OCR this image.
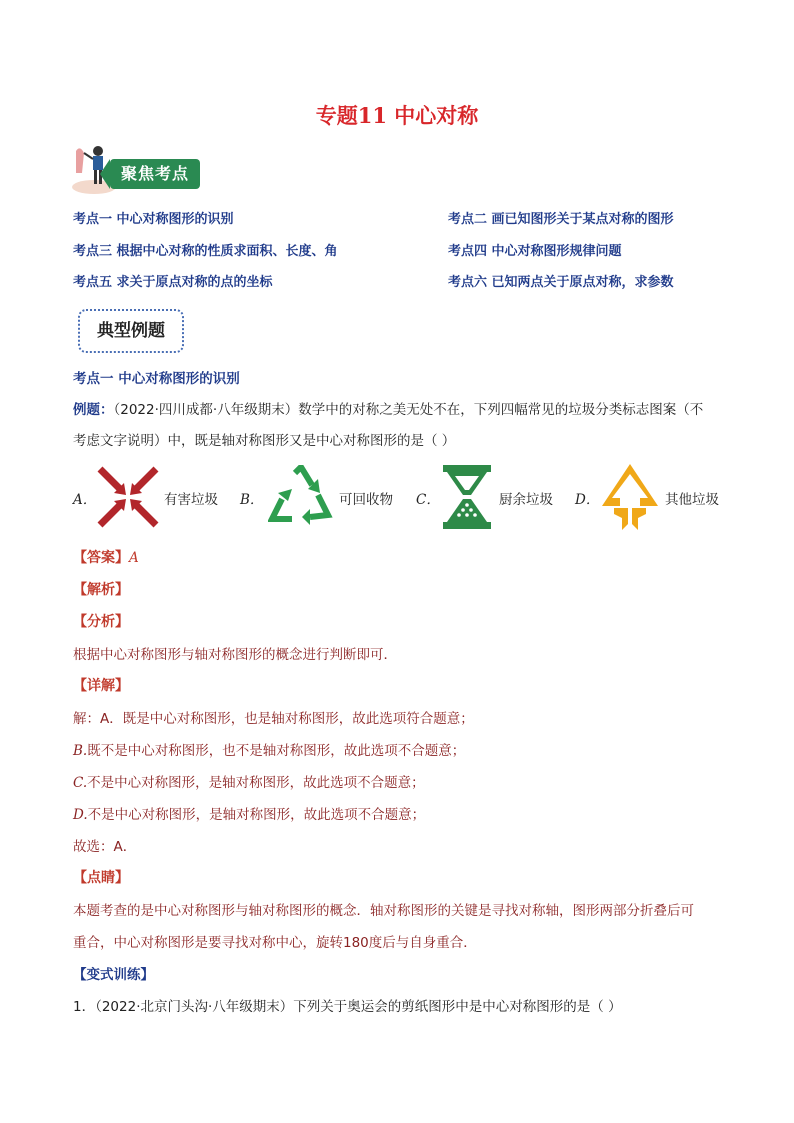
专题11 中心对称
聚焦考点
考点一 中心对称图形的识别	考点二 画已知图形关于某点对称的图形
考点三 根据中心对称的性质求面积、长度、角	考点四 中心对称图形规律问题
考点五 求关于原点对称的点的坐标	考点六 已知两点关于原点对称，求参数
典型例题
考点一 中心对称图形的识别
例题：（2022·四川成都·八年级期末）数学中的对称之美无处不在，下列四幅常见的垃圾分类标志图案（不
考虑文字说明）中，既是轴对称图形又是中心对称图形的是（ ）
A．	有害垃圾 B．	可回收物 C．	厨余垃圾 D．	其他垃圾
【答案】A
【解析】
【分析】
根据中心对称图形与轴对称图形的概念进行判断即可．
【详解】
解：A．既是中心对称图形，也是轴对称图形，故此选项符合题意；
B.既不是中心对称图形，也不是轴对称图形，故此选项不合题意；
C.不是中心对称图形，是轴对称图形，故此选项不合题意；
D.不是中心对称图形，是轴对称图形，故此选项不合题意；
故选：A．
【点睛】
本题考查的是中心对称图形与轴对称图形的概念．轴对称图形的关键是寻找对称轴，图形两部分折叠后可
重合，中心对称图形是要寻找对称中心，旋转180度后与自身重合．
【变式训练】
1．（2022·北京门头沟·八年级期末）下列关于奥运会的剪纸图形中是中心对称图形的是（ ）
